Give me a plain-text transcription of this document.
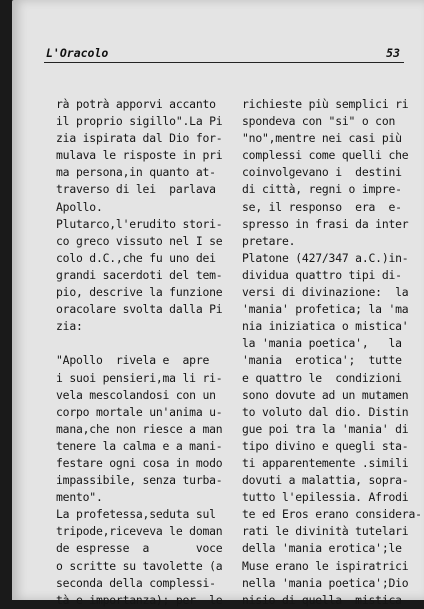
L'Oracolo	53
rà potrà apporvi accanto
il proprio sigillo".La Pi
zia ispirata dal Dio for-
mulava le risposte in pri
ma persona,in quanto at-
traverso di lei  parlava
Apollo.
Plutarco,l'erudito stori-
co greco vissuto nel I se
colo d.C.,che fu uno dei
grandi sacerdoti del tem-
pio, descrive la funzione
oracolare svolta dalla Pi
zia:
"Apollo  rivela e  apre
i suoi pensieri,ma li ri-
vela mescolandosi con un
corpo mortale un'anima u-
mana,che non riesce a man
tenere la calma e a mani-
festare ogni cosa in modo
impassibile, senza turba-
mento".
La profetessa,seduta sul
tripode,riceveva le doman
de espresse  a       voce
o scritte su tavolette (a
seconda della complessi-
tà e importanza); per  le
richieste più semplici ri
spondeva con "si" o con
"no",mentre nei casi più
complessi come quelli che
coinvolgevano i  destini
di città, regni o impre-
se, il responso  era  e-
spresso in frasi da inter
pretare.
Platone (427/347 a.C.)in-
dividua quattro tipi di-
versi di divinazione:  la
'mania' profetica; la 'ma
nia iniziatica o mistica'
la 'mania poetica',   la
'mania  erotica';  tutte
e quattro le  condizioni
sono dovute ad un mutamen
to voluto dal dio. Distin
gue poi tra la 'mania' di
tipo divino e quegli sta-
ti apparentemente .simili
dovuti a malattia, sopra-
tutto l'epilessia. Afrodi
te ed Eros erano considera-
rati le divinità tutelari
della 'mania erotica';le
Muse erano le ispiratrici
nella 'mania poetica';Dio
nisio di quella  mistica
